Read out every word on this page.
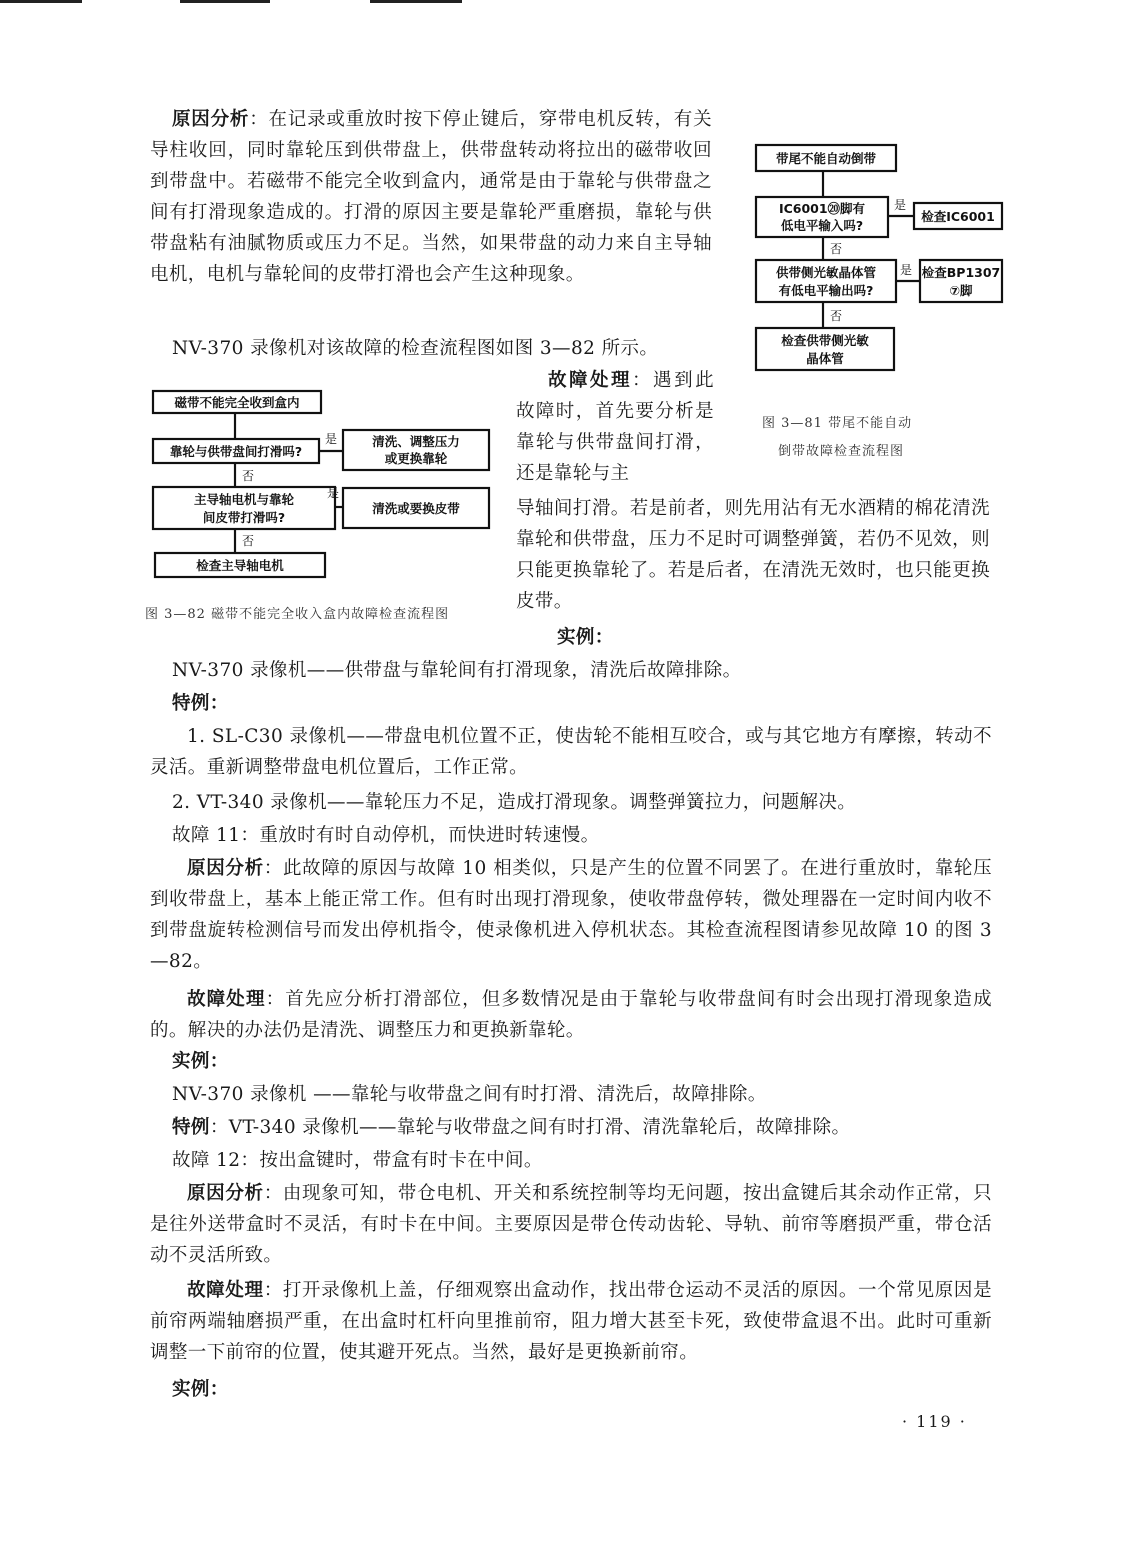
原因分析：在记录或重放时按下停止键后，穿带电机反转，有关导柱收回，同时靠轮压到供带盘上，供带盘转动将拉出的磁带收回到带盘中。若磁带不能完全收到盒内，通常是由于靠轮与供带盘之间有打滑现象造成的。打滑的原因主要是靠轮严重磨损，靠轮与供带盘粘有油腻物质或压力不足。当然，如果带盘的动力来自主导轴电机，电机与靠轮间的皮带打滑也会产生这种现象。

NV-370 录像机对该故障的检查流程图如图 3—82 所示。

带尾不能自动倒带
IC6001⑳脚有
低电平输入吗?
是
检查IC6001
否
供带侧光敏晶体管
有低电平输出吗?
是 检查BP1307
⑦脚
否
检查供带侧光敏
晶体管
图 3—81 带尾不能自动
倒带故障检查流程图
磁带不能完全收到盒内
靠轮与供带盘间打滑吗?
是	清洗、调整压力
或更换靠轮
否
主导轴电机与靠轮
间皮带打滑吗?
是
清洗或要换皮带
否
检查主导轴电机
图 3—82 磁带不能完全收入盒内故障检查流程图

故障处理：遇到此故障时，首先要分析是靠轮与供带盘间打滑，还是靠轮与主

导轴间打滑。若是前者，则先用沾有无水酒精的棉花清洗靠轮和供带盘，压力不足时可调整弹簧，若仍不见效，则只能更换靠轮了。若是后者，在清洗无效时，也只能更换皮带。

实例：

NV-370 录像机——供带盘与靠轮间有打滑现象，清洗后故障排除。

特例：

1. SL-C30 录像机——带盘电机位置不正，使齿轮不能相互咬合，或与其它地方有摩擦，转动不灵活。重新调整带盘电机位置后，工作正常。

2. VT-340 录像机——靠轮压力不足，造成打滑现象。调整弹簧拉力，问题解决。

故障 11：重放时有时自动停机，而快进时转速慢。

原因分析：此故障的原因与故障 10 相类似，只是产生的位置不同罢了。在进行重放时，靠轮压到收带盘上，基本上能正常工作。但有时出现打滑现象，使收带盘停转，微处理器在一定时间内收不到带盘旋转检测信号而发出停机指令，使录像机进入停机状态。其检查流程图请参见故障 10 的图 3—82。

故障处理：首先应分析打滑部位，但多数情况是由于靠轮与收带盘间有时会出现打滑现象造成的。解决的办法仍是清洗、调整压力和更换新靠轮。

实例：

NV-370 录像机 ——靠轮与收带盘之间有时打滑、清洗后，故障排除。

特例：VT-340 录像机——靠轮与收带盘之间有时打滑、清洗靠轮后，故障排除。

故障 12：按出盒键时，带盒有时卡在中间。

原因分析：由现象可知，带仓电机、开关和系统控制等均无问题，按出盒键后其余动作正常，只是往外送带盒时不灵活，有时卡在中间。主要原因是带仓传动齿轮、导轨、前帘等磨损严重，带仓活动不灵活所致。

故障处理：打开录像机上盖，仔细观察出盒动作，找出带仓运动不灵活的原因。一个常见原因是前帘两端轴磨损严重，在出盒时杠杆向里推前帘，阻力增大甚至卡死，致使带盒退不出。此时可重新调整一下前帘的位置，使其避开死点。当然，最好是更换新前帘。

实例：
· 119 ·
